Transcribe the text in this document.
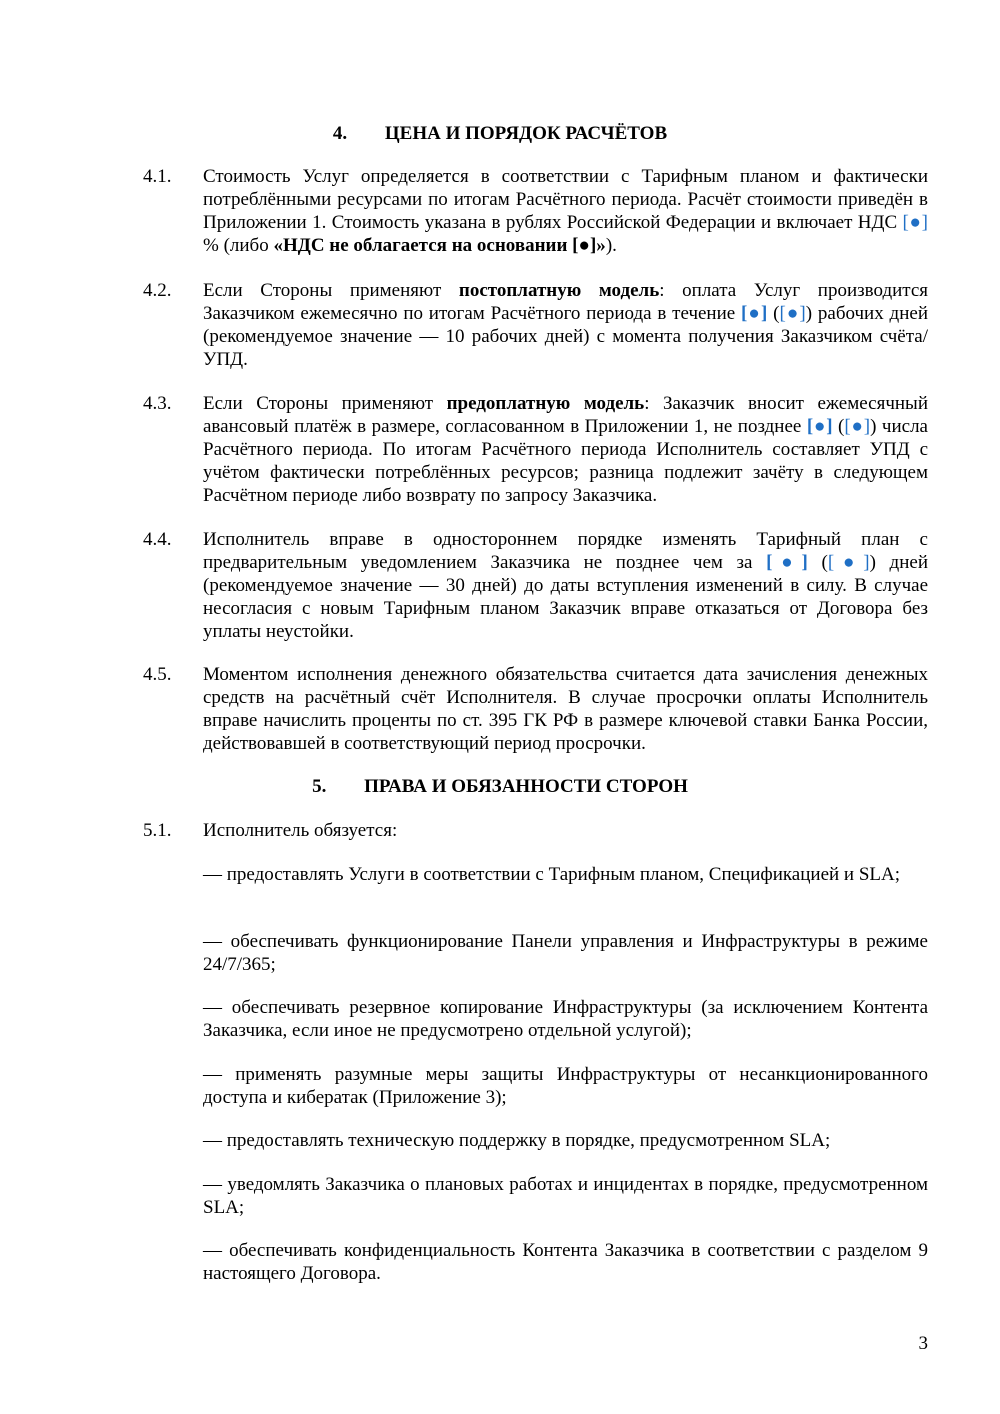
4. ЦЕНА И ПОРЯДОК РАСЧЁТОВ
4.1. Стоимость Услуг определяется в соответствии с Тарифным планом и фактически потреблёнными ресурсами по итогам Расчётного периода. Расчёт стоимости приведён в Приложении 1. Стоимость указана в рублях Российской Федерации и включает НДС [●] % (либо «НДС не облагается на основании [●]»).
4.2. Если Стороны применяют постоплатную модель: оплата Услуг производится Заказчиком ежемесячно по итогам Расчётного периода в течение [●] ([●]) рабочих дней (рекомендуемое значение — 10 рабочих дней) с момента получения Заказчиком счёта/УПД.
4.3. Если Стороны применяют предоплатную модель: Заказчик вносит ежемесячный авансовый платёж в размере, согласованном в Приложении 1, не позднее [●] ([●]) числа Расчётного периода. По итогам Расчётного периода Исполнитель составляет УПД с учётом фактически потреблённых ресурсов; разница подлежит зачёту в следующем Расчётном периоде либо возврату по запросу Заказчика.
4.4. Исполнитель вправе в одностороннем порядке изменять Тарифный план с предварительным уведомлением Заказчика не позднее чем за [●] ([●]) дней (рекомендуемое значение — 30 дней) до даты вступления изменений в силу. В случае несогласия с новым Тарифным планом Заказчик вправе отказаться от Договора без уплаты неустойки.
4.5. Моментом исполнения денежного обязательства считается дата зачисления денежных средств на расчётный счёт Исполнителя. В случае просрочки оплаты Исполнитель вправе начислить проценты по ст. 395 ГК РФ в размере ключевой ставки Банка России, действовавшей в соответствующий период просрочки.
5. ПРАВА И ОБЯЗАННОСТИ СТОРОН
5.1. Исполнитель обязуется:
— предоставлять Услуги в соответствии с Тарифным планом, Спецификацией и SLA;
— обеспечивать функционирование Панели управления и Инфраструктуры в режиме 24/7/365;
— обеспечивать резервное копирование Инфраструктуры (за исключением Контента Заказчика, если иное не предусмотрено отдельной услугой);
— применять разумные меры защиты Инфраструктуры от несанкционированного доступа и кибератак (Приложение 3);
— предоставлять техническую поддержку в порядке, предусмотренном SLA;
— уведомлять Заказчика о плановых работах и инцидентах в порядке, предусмотренном SLA;
— обеспечивать конфиденциальность Контента Заказчика в соответствии с разделом 9 настоящего Договора.
3
